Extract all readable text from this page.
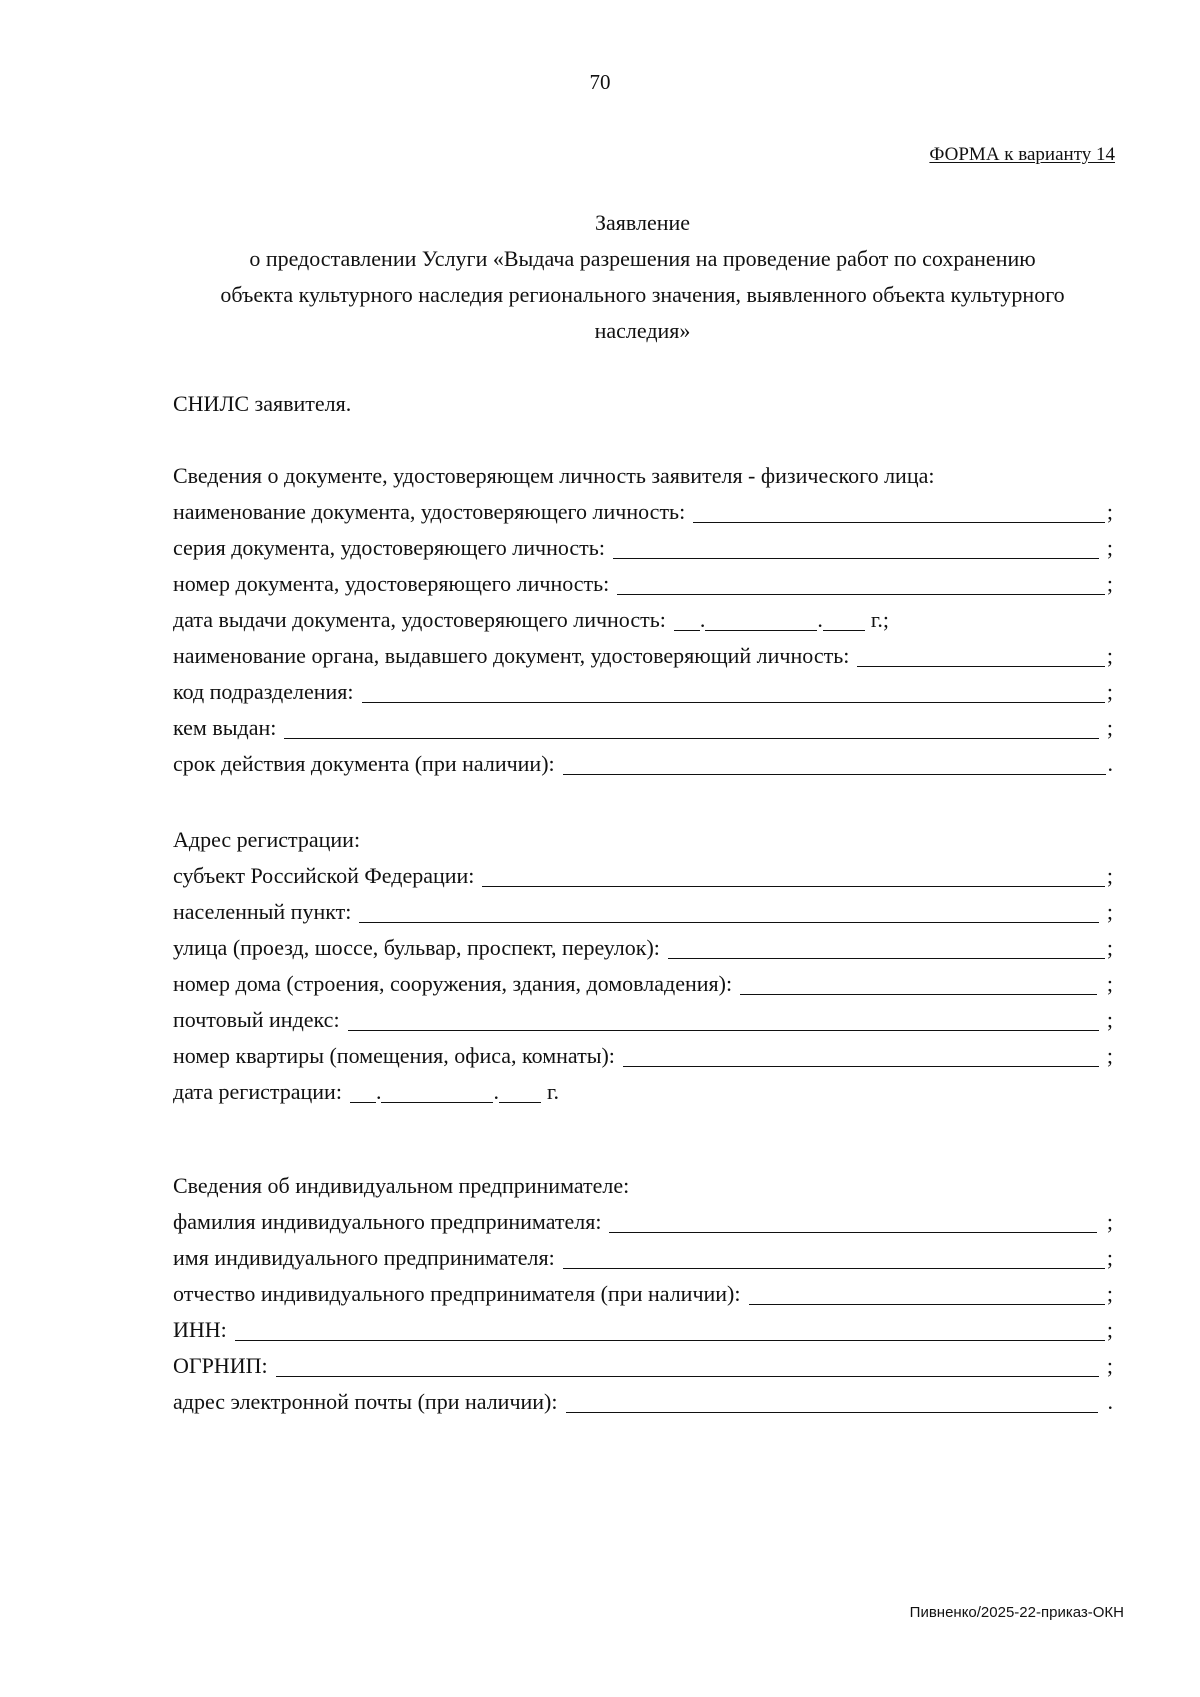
70
ФОРМА к варианту 14
Заявление
о предоставлении Услуги «Выдача разрешения на проведение работ по сохранению
объекта культурного наследия регионального значения, выявленного объекта культурного
наследия»
СНИЛС заявителя.
Сведения о документе, удостоверяющем личность заявителя - физического лица:
наименование документа, удостоверяющего личность:	;
серия документа, удостоверяющего личность:	;
номер документа, удостоверяющего личность:	;
дата выдачи документа, удостоверяющего личность: .	. г.;
наименование органа, выдавшего документ, удостоверяющий личность:	;
код подразделения:	;
кем выдан:	;
срок действия документа (при наличии):	.
Адрес регистрации:
субъект Российской Федерации:	;
населенный пункт:	;
улица (проезд, шоссе, бульвар, проспект, переулок):	;
номер дома (строения, сооружения, здания, домовладения):	;
почтовый индекс:	;
номер квартиры (помещения, офиса, комнаты):	;
дата регистрации: .	. г.
Сведения об индивидуальном предпринимателе:
фамилия индивидуального предпринимателя:	;
имя индивидуального предпринимателя:	;
отчество индивидуального предпринимателя (при наличии):	;
ИНН:	;
ОГРНИП:	;
адрес электронной почты (при наличии):	.
Пивненко/2025-22-приказ-ОКН
